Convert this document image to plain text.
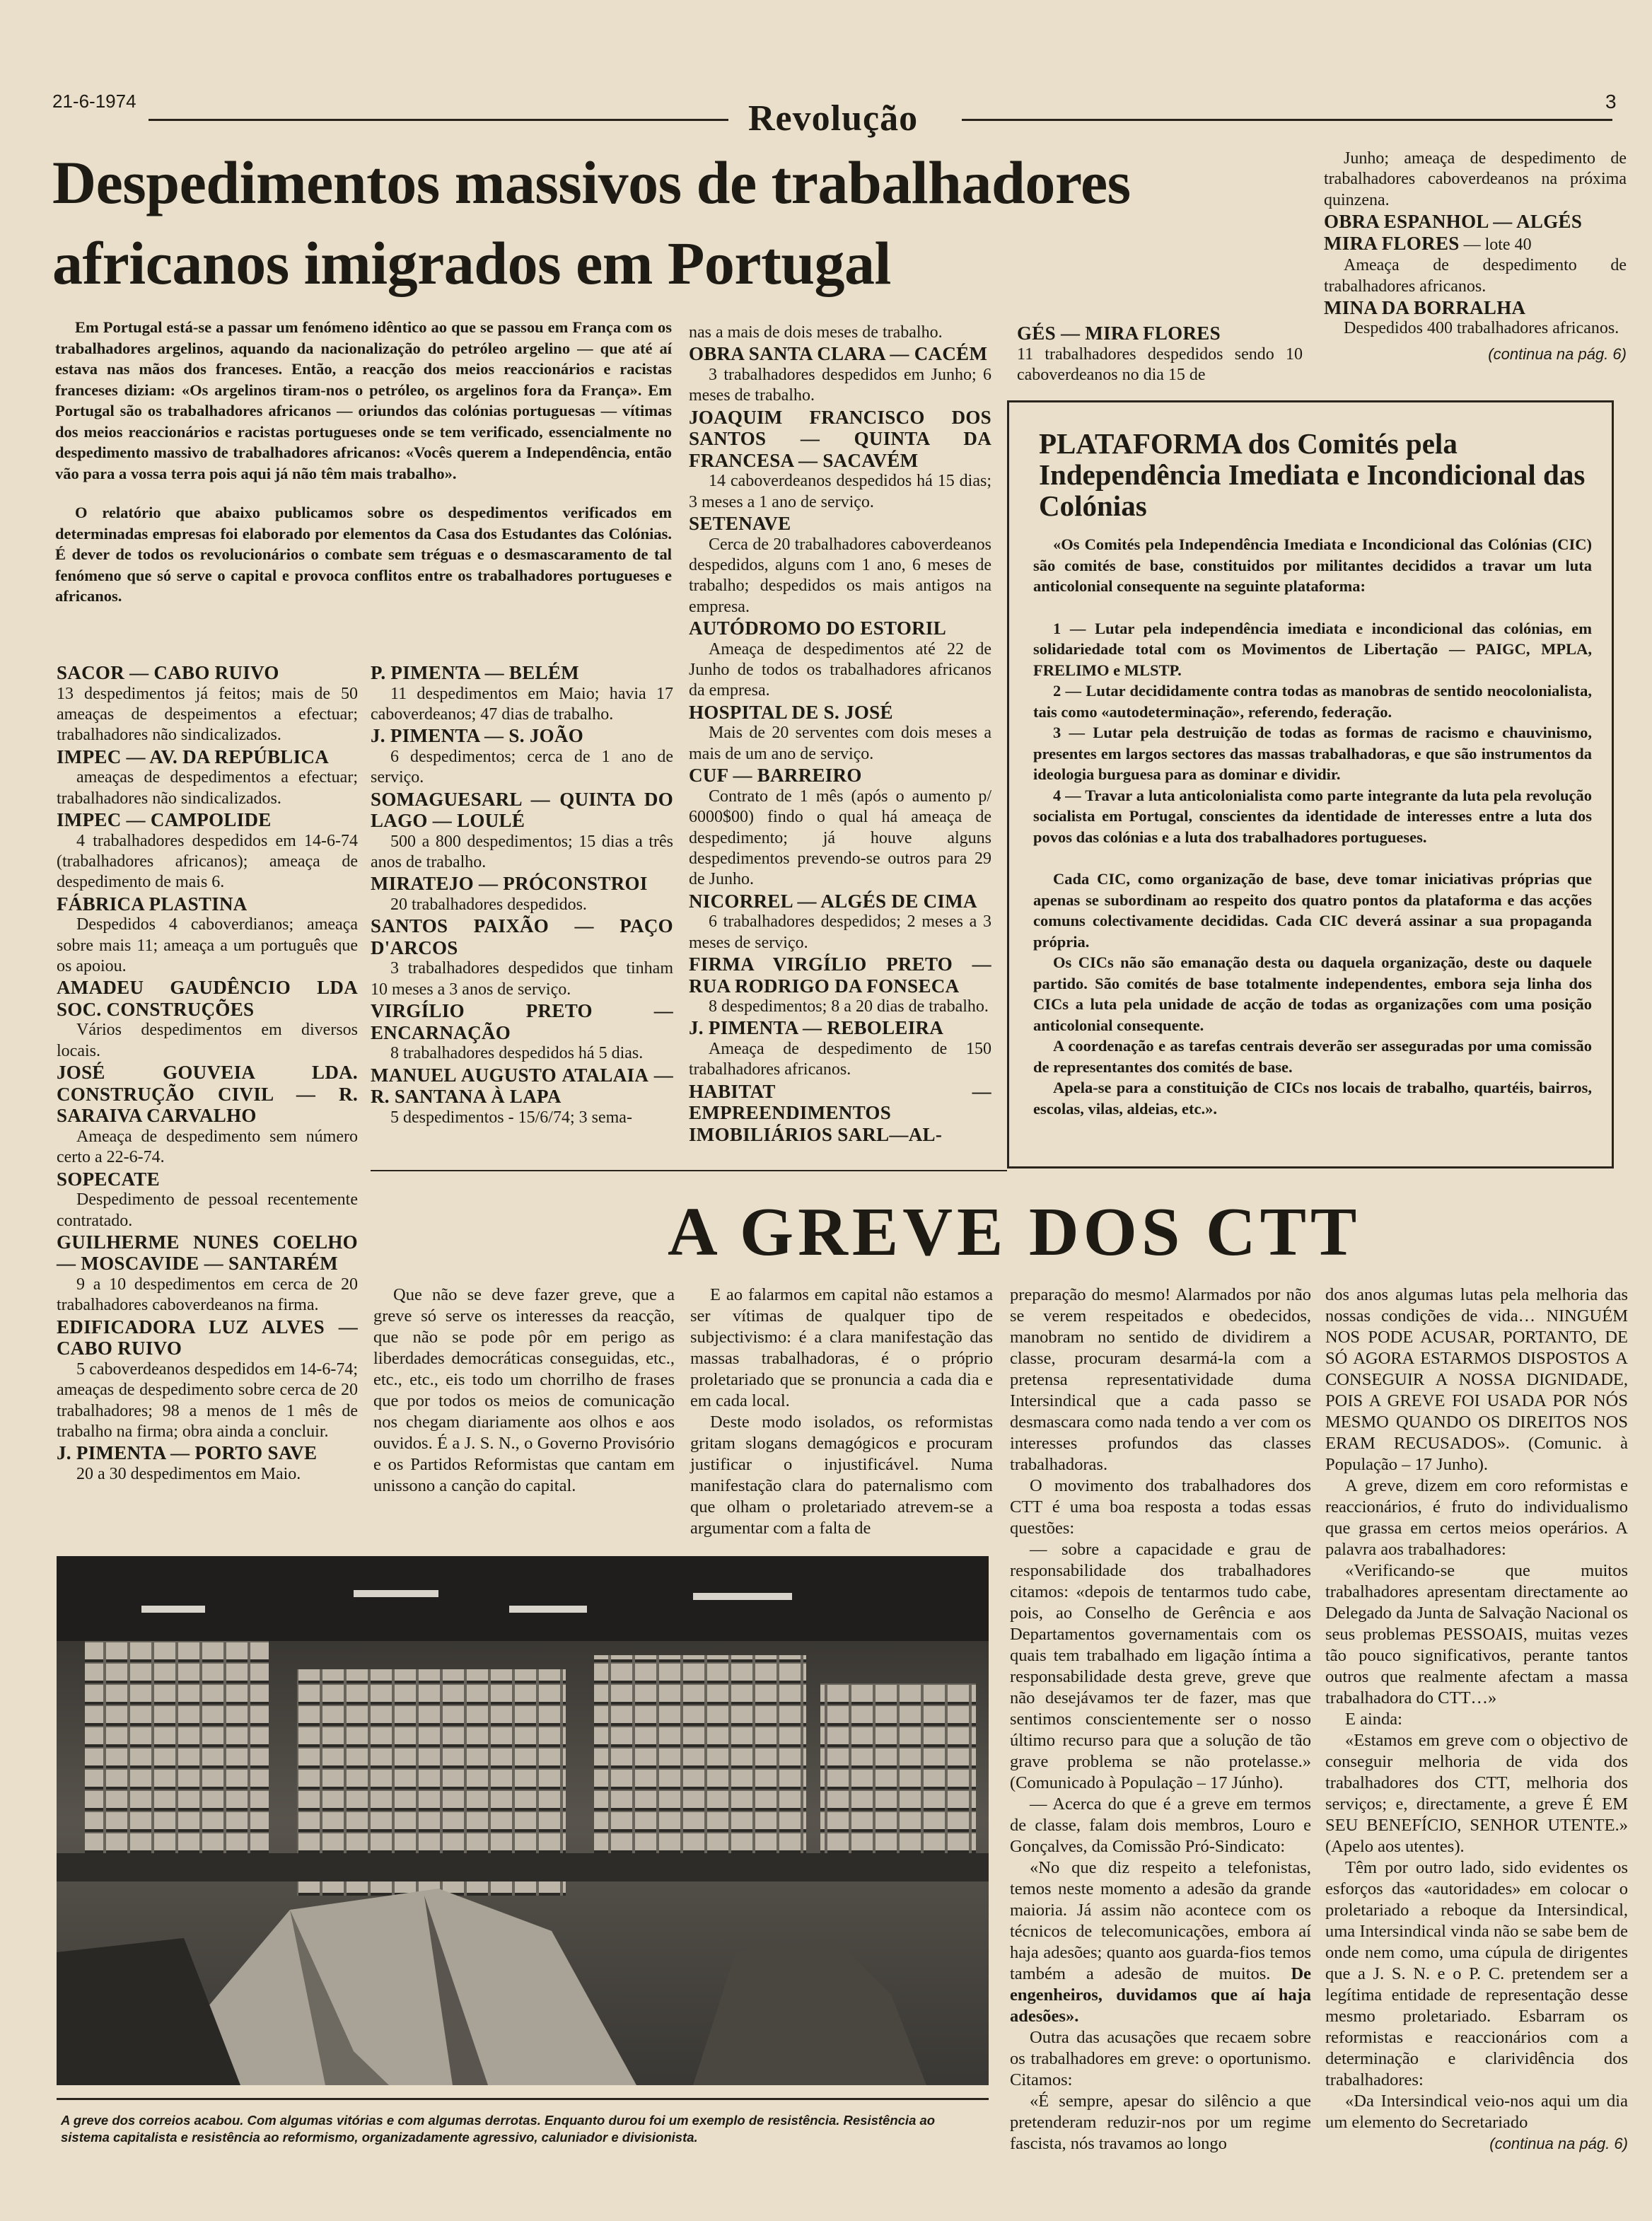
21-6-1974	Revolução	3
Despedimentos massivos de trabalhadores
africanos imigrados em Portugal

Em Portugal está-se a passar um fenómeno idêntico ao que se passou em França com os trabalhadores argelinos, aquando da nacionalização do petróleo argelino — que até aí estava nas mãos dos franceses. Então, a reacção dos meios reaccionários e racistas franceses diziam: «Os argelinos tiram-nos o petróleo, os argelinos fora da França». Em Portugal são os trabalhadores africanos — oriundos das colónias portuguesas — vítimas dos meios reaccionários e racistas portugueses onde se tem verificado, essencialmente no despedimento massivo de trabalhadores africanos: «Vocês querem a Independência, então vão para a vossa terra pois aqui já não têm mais trabalho».

O relatório que abaixo publicamos sobre os despedimentos verificados em determinadas empresas foi elaborado por elementos da Casa dos Estudantes das Colónias. É dever de todos os revolucionários o combate sem tréguas e o desmascaramento de tal fenómeno que só serve o capital e provoca conflitos entre os trabalhadores portugueses e africanos.

SACOR — CABO RUIVO

13 despedimentos já feitos; mais de 50 ameaças de despeimentos a efectuar; trabalhadores não sindicalizados.

IMPEC — AV. DA REPÚBLICA

ameaças de despedimentos a efectuar; trabalhadores não sindicalizados.

IMPEC — CAMPOLIDE

4 trabalhadores despedidos em 14-6-74 (trabalhadores africanos); ameaça de despedimento de mais 6.

FÁBRICA PLASTINA

Despedidos 4 caboverdianos; ameaça sobre mais 11; ameaça a um português que os apoiou.

AMADEU GAUDÊNCIO LDA SOC. CONSTRUÇÕES

Vários despedimentos em diversos locais.

JOSÉ GOUVEIA LDA. CONSTRUÇÃO CIVIL — R. SARAIVA CARVALHO

Ameaça de despedimento sem número certo a 22-6-74.

SOPECATE

Despedimento de pessoal recentemente contratado.

GUILHERME NUNES COELHO — MOSCAVIDE — SANTARÉM

9 a 10 despedimentos em cerca de 20 trabalhadores caboverdeanos na firma.

EDIFICADORA LUZ ALVES — CABO RUIVO

5 caboverdeanos despedidos em 14-6-74; ameaças de despedimento sobre cerca de 20 trabalhadores; 98 a menos de 1 mês de trabalho na firma; obra ainda a concluir.

J. PIMENTA — PORTO SAVE

20 a 30 despedimentos em Maio.

P. PIMENTA — BELÉM

11 despedimentos em Maio; havia 17 caboverdeanos; 47 dias de trabalho.

J. PIMENTA — S. JOÃO

6 despedimentos; cerca de 1 ano de serviço.

SOMAGUESARL — QUINTA DO LAGO — LOULÉ

500 a 800 despedimentos; 15 dias a três anos de trabalho.

MIRATEJO — PRÓCONSTROI

20 trabalhadores despedidos.

SANTOS PAIXÃO — PAÇO D'ARCOS

3 trabalhadores despedidos que tinham 10 meses a 3 anos de serviço.

VIRGÍLIO PRETO — ENCARNAÇÃO

8 trabalhadores despedidos há 5 dias.

MANUEL AUGUSTO ATALAIA — R. SANTANA À LAPA

5 despedimentos - 15/6/74; 3 sema-

nas a mais de dois meses de trabalho.

OBRA SANTA CLARA — CACÉM

3 trabalhadores despedidos em Junho; 6 meses de trabalho.

JOAQUIM FRANCISCO DOS SANTOS — QUINTA DA FRANCESA — SACAVÉM

14 caboverdeanos despedidos há 15 dias; 3 meses a 1 ano de serviço.

SETENAVE

Cerca de 20 trabalhadores caboverdeanos despedidos, alguns com 1 ano, 6 meses de trabalho; despedidos os mais antigos na empresa.

AUTÓDROMO DO ESTORIL

Ameaça de despedimentos até 22 de Junho de todos os trabalhadores africanos da empresa.

HOSPITAL DE S. JOSÉ

Mais de 20 serventes com dois meses a mais de um ano de serviço.

CUF — BARREIRO

Contrato de 1 mês (após o aumento p/ 6000$00) findo o qual há ameaça de despedimento; já houve alguns despedimentos prevendo-se outros para 29 de Junho.

NICORREL — ALGÉS DE CIMA

6 trabalhadores despedidos; 2 meses a 3 meses de serviço.

FIRMA VIRGÍLIO PRETO — RUA RODRIGO DA FONSECA

8 despedimentos; 8 a 20 dias de trabalho.

J. PIMENTA — REBOLEIRA

Ameaça de despedimento de 150 trabalhadores africanos.

HABITAT — EMPREENDIMENTOS IMOBILIÁRIOS SARL—AL-
GÉS — MIRA FLORES

11 trabalhadores despedidos sendo 10 caboverdeanos no dia 15 de

Junho; ameaça de despedimento de trabalhadores caboverdeanos na próxima quinzena.

OBRA ESPANHOL — ALGÉS
MIRA FLORES — lote 40

Ameaça de despedimento de trabalhadores africanos.

MINA DA BORRALHA

Despedidos 400 trabalhadores africanos.

(continua na pág. 6)
PLATAFORMA dos Comités pela Independência Imediata e Incondicional das Colónias

«Os Comités pela Independência Imediata e Incondicional das Colónias (CIC) são comités de base, constituidos por militantes decididos a travar um luta anticolonial consequente na seguinte plataforma:

1 — Lutar pela independência imediata e incondicional das colónias, em solidariedade total com os Movimentos de Libertação — PAIGC, MPLA, FRELIMO e MLSTP.

2 — Lutar decididamente contra todas as manobras de sentido neocolonialista, tais como «autodeterminação», referendo, federação.

3 — Lutar pela destruição de todas as formas de racismo e chauvinismo, presentes em largos sectores das massas trabalhadoras, e que são instrumentos da ideologia burguesa para as dominar e dividir.

4 — Travar a luta anticolonialista como parte integrante da luta pela revolução socialista em Portugal, conscientes da identidade de interesses entre a luta dos povos das colónias e a luta dos trabalhadores portugueses.

Cada CIC, como organização de base, deve tomar iniciativas próprias que apenas se subordinam ao respeito dos quatro pontos da plataforma e das acções comuns colectivamente decididas. Cada CIC deverá assinar a sua propaganda própria.

Os CICs não são emanação desta ou daquela organização, deste ou daquele partido. São comités de base totalmente independentes, embora seja linha dos CICs a luta pela unidade de acção de todas as organizações com uma posição anticolonial consequente.

A coordenação e as tarefas centrais deverão ser asseguradas por uma comissão de representantes dos comités de base.

Apela-se para a constituição de CICs nos locais de trabalho, quartéis, bairros, escolas, vilas, aldeias, etc.».

A GREVE DOS CTT

Que não se deve fazer greve, que a greve só serve os interesses da reacção, que não se pode pôr em perigo as liberdades democráticas conseguidas, etc., etc., etc., eis todo um chorrilho de frases que por todos os meios de comunicação nos chegam diariamente aos olhos e aos ouvidos. É a J. S. N., o Governo Provisório e os Partidos Reformistas que cantam em unissono a canção do capital.

E ao falarmos em capital não estamos a ser vítimas de qualquer tipo de subjectivismo: é a clara manifestação das massas trabalhadoras, é o próprio proletariado que se pronuncia a cada dia e em cada local.

Deste modo isolados, os reformistas gritam slogans demagógicos e procuram justificar o injustificável. Numa manifestação clara do paternalismo com que olham o proletariado atrevem-se a argumentar com a falta de

preparação do mesmo! Alarmados por não se verem respeitados e obedecidos, manobram no sentido de dividirem a classe, procuram desarmá-la com a pretensa representatividade duma Intersindical que a cada passo se desmascara como nada tendo a ver com os interesses profundos das classes trabalhadoras.

O movimento dos trabalhadores dos CTT é uma boa resposta a todas essas questões:

— sobre a capacidade e grau de responsabilidade dos trabalhadores citamos: «depois de tentarmos tudo cabe, pois, ao Conselho de Gerência e aos Departamentos governamentais com os quais tem trabalhado em ligação íntima a responsabilidade desta greve, greve que não desejávamos ter de fazer, mas que sentimos conscientemente ser o nosso último recurso para que a solução de tão grave problema se não protelasse.» (Comunicado à População – 17 Júnho).

— Acerca do que é a greve em termos de classe, falam dois membros, Louro e Gonçalves, da Comissão Pró-Sindicato:

«No que diz respeito a telefonistas, temos neste momento a adesão da grande maioria. Já assim não acontece com os técnicos de telecomunicações, embora aí haja adesões; quanto aos guarda-fios temos também a adesão de muitos. De engenheiros, duvidamos que aí haja adesões».

Outra das acusações que recaem sobre os trabalhadores em greve: o oportunismo. Citamos:

«É sempre, apesar do silêncio a que pretenderam reduzir-nos por um regime fascista, nós travamos ao longo

dos anos algumas lutas pela melhoria das nossas condições de vida… NINGUÉM NOS PODE ACUSAR, PORTANTO, DE SÓ AGORA ESTARMOS DISPOSTOS A CONSEGUIR A NOSSA DIGNIDADE, POIS A GREVE FOI USADA POR NÓS MESMO QUANDO OS DIREITOS NOS ERAM RECUSADOS». (Comunic. à População – 17 Junho).

A greve, dizem em coro reformistas e reaccionários, é fruto do individualismo que grassa em certos meios operários. A palavra aos trabalhadores:

«Verificando-se que muitos trabalhadores apresentam directamente ao Delegado da Junta de Salvação Nacional os seus problemas PESSOAIS, muitas vezes tão pouco significativos, perante tantos outros que realmente afectam a massa trabalhadora do CTT…»

E ainda:

«Estamos em greve com o objectivo de conseguir melhoria de vida dos trabalhadores dos CTT, melhoria dos serviços; e, directamente, a greve É EM SEU BENEFÍCIO, SENHOR UTENTE.» (Apelo aos utentes).

Têm por outro lado, sido evidentes os esforços das «autoridades» em colocar o proletariado a reboque da Intersindical, uma Intersindical vinda não se sabe bem de onde nem como, uma cúpula de dirigentes que a J. S. N. e o P. C. pretendem ser a legítima entidade de representação desse mesmo proletariado. Esbarram os reformistas e reaccionários com a determinação e clarividência dos trabalhadores:

«Da Intersindical veio-nos aqui um dia um elemento do Secretariado

(continua na pág. 6)
A greve dos correios acabou. Com algumas vitórias e com algumas derrotas. Enquanto durou foi um exemplo de resistência. Resistência ao sistema capitalista e resistência ao reformismo, organizadamente agressivo, caluniador e divisionista.
